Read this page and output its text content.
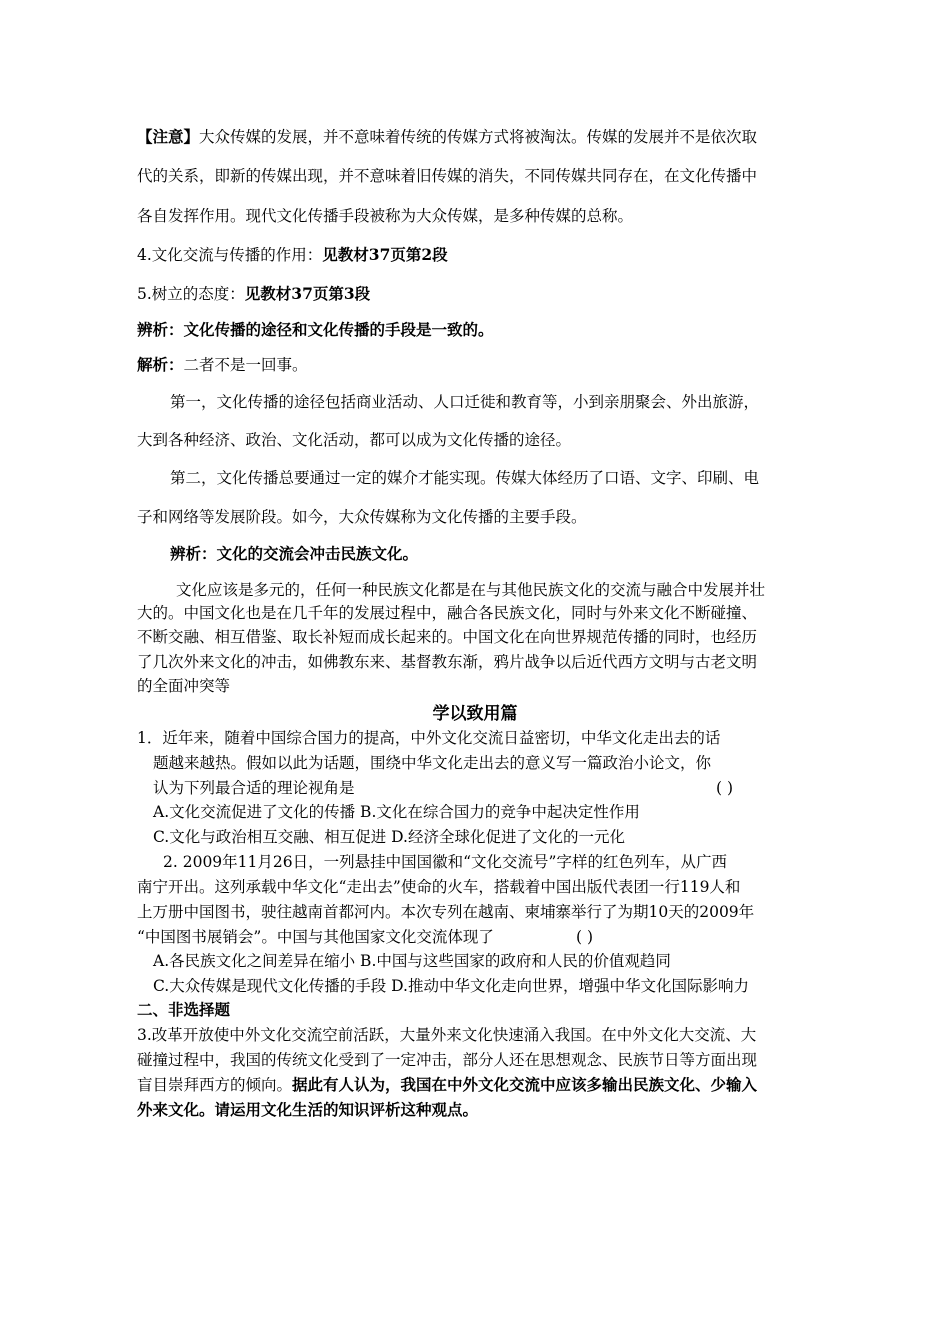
【注意】大众传媒的发展，并不意味着传统的传媒方式将被淘汰。传媒的发展并不是依次取
代的关系，即新的传媒出现，并不意味着旧传媒的消失，不同传媒共同存在，在文化传播中
各自发挥作用。现代文化传播手段被称为大众传媒，是多种传媒的总称。
4.文化交流与传播的作用：见教材37页第2段
5.树立的态度：见教材37页第3段
辨析：文化传播的途径和文化传播的手段是一致的。
解析：二者不是一回事。
第一，文化传播的途径包括商业活动、人口迁徙和教育等，小到亲朋聚会、外出旅游，
大到各种经济、政治、文化活动，都可以成为文化传播的途径。
第二，文化传播总要通过一定的媒介才能实现。传媒大体经历了口语、文字、印刷、电
子和网络等发展阶段。如今，大众传媒称为文化传播的主要手段。
辨析：文化的交流会冲击民族文化。
文化应该是多元的，任何一种民族文化都是在与其他民族文化的交流与融合中发展并壮
大的。中国文化也是在几千年的发展过程中，融合各民族文化，同时与外来文化不断碰撞、
不断交融、相互借鉴、取长补短而成长起来的。中国文化在向世界规范传播的同时，也经历
了几次外来文化的冲击，如佛教东来、基督教东渐，鸦片战争以后近代西方文明与古老文明
的全面冲突等
学以致用篇
1．近年来，随着中国综合国力的提高，中外文化交流日益密切，中华文化走出去的话
题越来越热。假如以此为话题，围绕中华文化走出去的意义写一篇政治小论文，你
认为下列最合适的理论视角是	( )
A.文化交流促进了文化的传播 B.文化在综合国力的竞争中起决定性作用
C.文化与政治相互交融、相互促进 D.经济全球化促进了文化的一元化
2. 2009年11月26日，一列悬挂中国国徽和“文化交流号”字样的红色列车，从广西
南宁开出。这列承载中华文化“走出去”使命的火车，搭载着中国出版代表团一行119人和
上万册中国图书，驶往越南首都河内。本次专列在越南、柬埔寨举行了为期10天的2009年
“中国图书展销会”。中国与其他国家文化交流体现了	( )
A.各民族文化之间差异在缩小 B.中国与这些国家的政府和人民的价值观趋同
C.大众传媒是现代文化传播的手段 D.推动中华文化走向世界，增强中华文化国际影响力
二、非选择题
3.改革开放使中外文化交流空前活跃，大量外来文化快速涌入我国。在中外文化大交流、大
碰撞过程中，我国的传统文化受到了一定冲击，部分人还在思想观念、民族节日等方面出现
盲目崇拜西方的倾向。据此有人认为，我国在中外文化交流中应该多输出民族文化、少输入
外来文化。请运用文化生活的知识评析这种观点。
